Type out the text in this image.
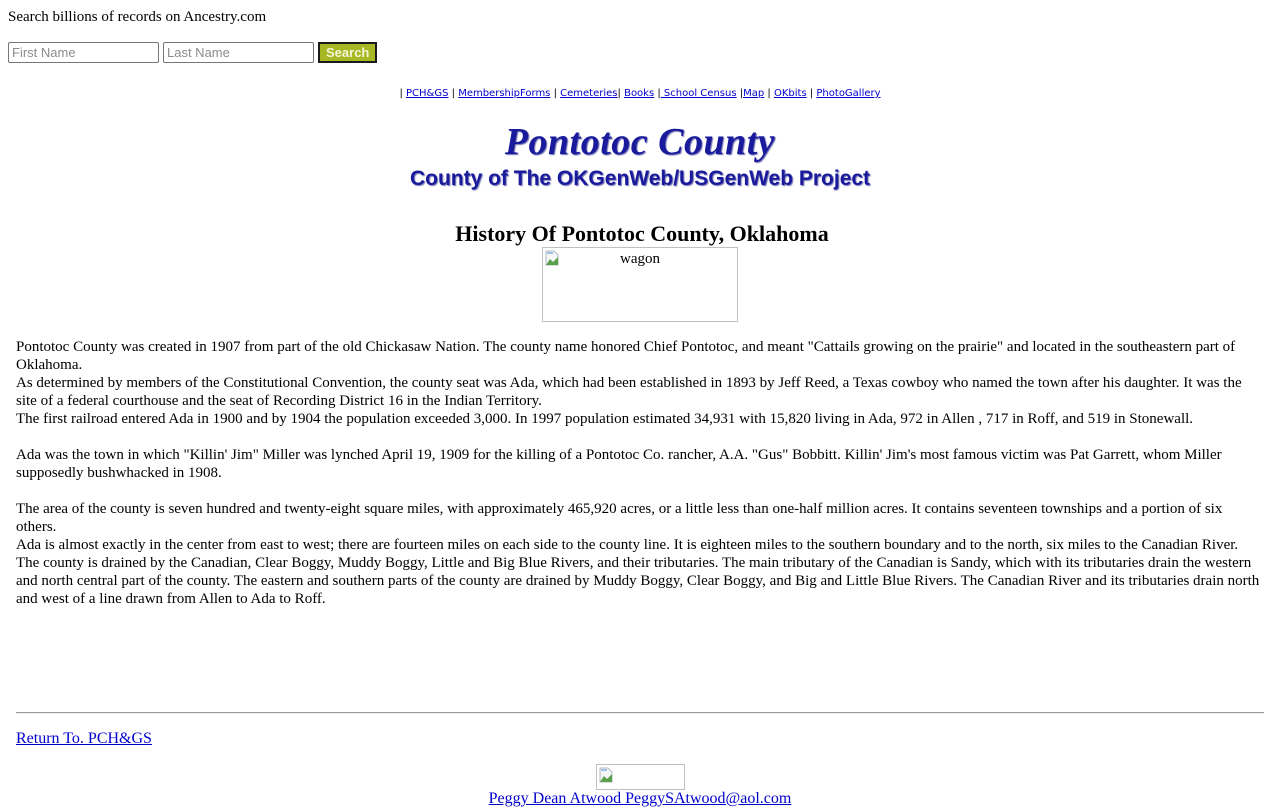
Search billions of records on Ancestry.com

First Name
Last Name
Search
| PCH&GS | MembershipForms | Cemeteries| Books | School Census |Map | OKbits | PhotoGallery
Pontotoc County
County of The OKGenWeb/USGenWeb Project
History Of Pontotoc County, Oklahoma
wagon

Pontotoc County was created in 1907 from part of the old Chickasaw Nation. The county name honored Chief Pontotoc, and meant "Cattails growing on the prairie" and located in the southeastern part of Oklahoma.

As determined by members of the Constitutional Convention, the county seat was Ada, which had been established in 1893 by Jeff Reed, a Texas cowboy who named the town after his daughter. It was the site of a federal courthouse and the seat of Recording District 16 in the Indian Territory.

The first railroad entered Ada in 1900 and by 1904 the population exceeded 3,000. In 1997 population estimated 34,931 with 15,820 living in Ada, 972 in Allen , 717 in Roff, and 519 in Stonewall.

Ada was the town in which "Killin' Jim" Miller was lynched April 19, 1909 for the killing of a Pontotoc Co. rancher, A.A. "Gus" Bobbitt. Killin' Jim's most famous victim was Pat Garrett, whom Miller supposedly bushwhacked in 1908.

The area of the county is seven hundred and twenty-eight square miles, with approximately 465,920 acres, or a little less than one-half million acres. It contains seventeen townships and a portion of six others.

Ada is almost exactly in the center from east to west; there are fourteen miles on each side to the county line. It is eighteen miles to the southern boundary and to the north, six miles to the Canadian River.

The county is drained by the Canadian, Clear Boggy, Muddy Boggy, Little and Big Blue Rivers, and their tributaries. The main tributary of the Canadian is Sandy, which with its tributaries drain the western and north central part of the county. The eastern and southern parts of the county are drained by Muddy Boggy, Clear Boggy, and Big and Little Blue Rivers. The Canadian River and its tributaries drain north and west of a line drawn from Allen to Ada to Roff.

Return To. PCH&GS
Peggy Dean Atwood PeggySAtwood@aol.com
